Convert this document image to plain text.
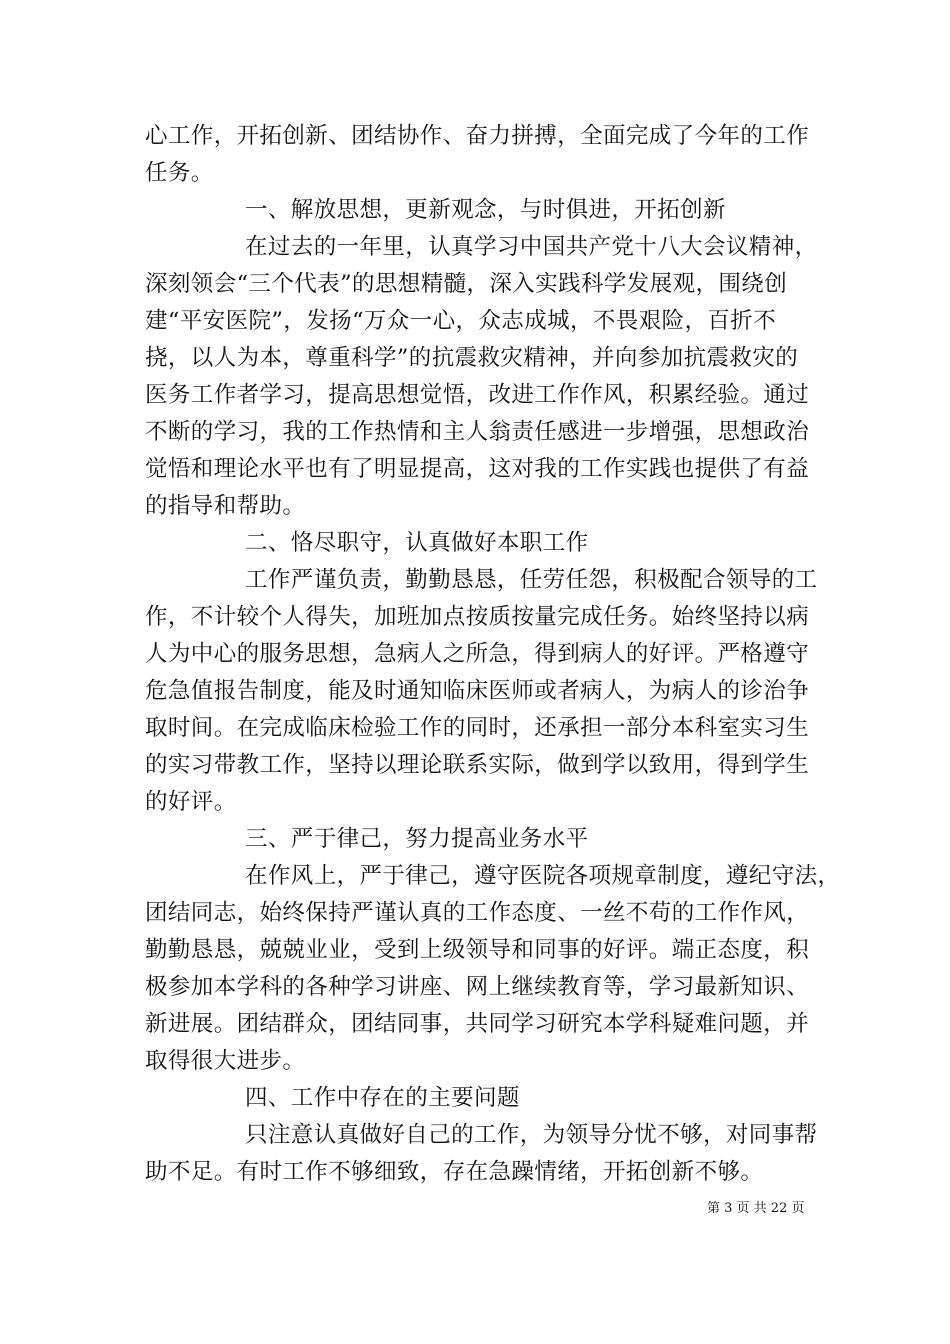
心工作，开拓创新、团结协作、奋力拼搏，全面完成了今年的工作
任务。
一、解放思想，更新观念，与时俱进，开拓创新
在过去的一年里，认真学习中国共产党十八大会议精神，
深刻领会“三个代表”的思想精髓，深入实践科学发展观，围绕创
建“平安医院”，发扬“万众一心，众志成城，不畏艰险，百折不
挠，以人为本，尊重科学”的抗震救灾精神，并向参加抗震救灾的
医务工作者学习，提高思想觉悟，改进工作作风，积累经验。通过
不断的学习，我的工作热情和主人翁责任感进一步增强，思想政治
觉悟和理论水平也有了明显提高，这对我的工作实践也提供了有益
的指导和帮助。
二、恪尽职守，认真做好本职工作
工作严谨负责，勤勤恳恳，任劳任怨，积极配合领导的工
作，不计较个人得失，加班加点按质按量完成任务。始终坚持以病
人为中心的服务思想，急病人之所急，得到病人的好评。严格遵守
危急值报告制度，能及时通知临床医师或者病人，为病人的诊治争
取时间。在完成临床检验工作的同时，还承担一部分本科室实习生
的实习带教工作，坚持以理论联系实际，做到学以致用，得到学生
的好评。
三、严于律己，努力提高业务水平
在作风上，严于律己，遵守医院各项规章制度，遵纪守法，
团结同志，始终保持严谨认真的工作态度、一丝不苟的工作作风，
勤勤恳恳，兢兢业业，受到上级领导和同事的好评。端正态度，积
极参加本学科的各种学习讲座、网上继续教育等，学习最新知识、
新进展。团结群众，团结同事，共同学习研究本学科疑难问题，并
取得很大进步。
四、工作中存在的主要问题
只注意认真做好自己的工作，为领导分忧不够，对同事帮
助不足。有时工作不够细致，存在急躁情绪，开拓创新不够。
第 3 页 共 22 页
